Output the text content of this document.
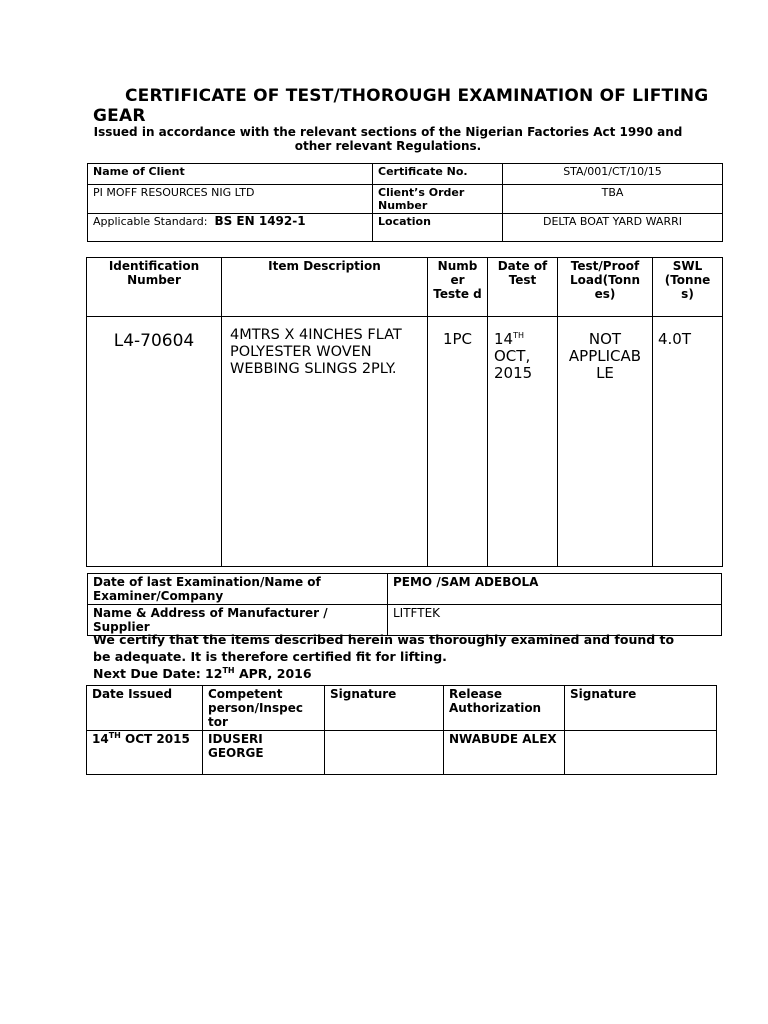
CERTIFICATE OF TEST/THOROUGH EXAMINATION OF LIFTING GEAR
Issued in accordance with the relevant sections of the Nigerian Factories Act 1990 and
other relevant Regulations.
Name of Client	Certificate No.	STA/001/CT/10/15
PI MOFF RESOURCES NIG LTD	Client’s Order Number	TBA
Applicable Standard: BS EN 1492-1	Location	DELTA BOAT YARD WARRI
Identification Number	Item Description	Numb er Teste d	Date of Test	Test/Proof Load(Tonn es)	SWL (Tonne s)
L4-70604	4MTRS X 4INCHES FLAT POLYESTER WOVEN WEBBING SLINGS 2PLY.	1PC	14TH OCT, 2015	NOT APPLICAB LE	4.0T
Date of last Examination/Name of Examiner/Company	PEMO /SAM ADEBOLA
Name & Address of Manufacturer / Supplier	LITFTEK
We certify that the items described herein was thoroughly examined and found to be adequate. It is therefore certified fit for lifting.
Next Due Date: 12TH APR, 2016
Date Issued	Competent person/Inspec tor	Signature	Release Authorization	Signature
14TH OCT 2015	IDUSERI GEORGE		NWABUDE ALEX	
